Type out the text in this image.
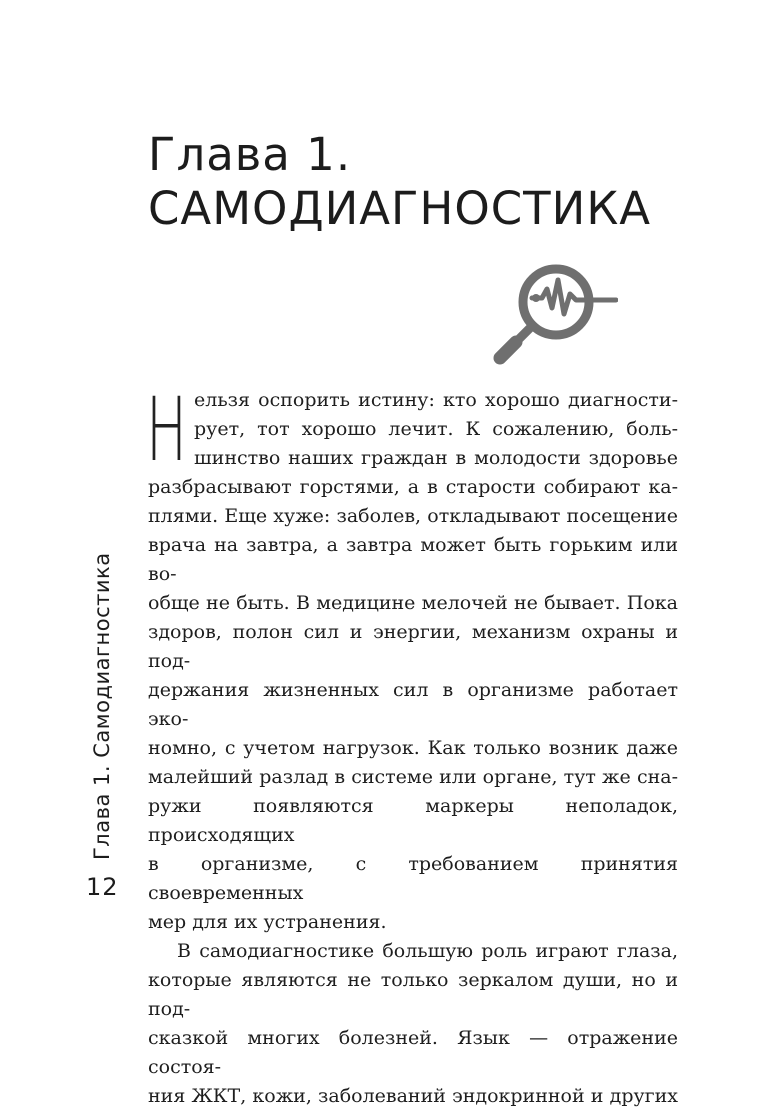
Глава 1.
САМОДИАГНОСТИКА
Н ельзя оспорить истину: кто хорошо диагности-

рует, тот хорошо лечит. К сожалению, боль-

шинство наших граждан в молодости здоровье

разбрасывают горстями, а в старости собирают ка-

плями. Еще хуже: заболев, откладывают посещение

врача на завтра, а завтра может быть горьким или во-

обще не быть. В медицине мелочей не бывает. Пока

здоров, полон сил и энергии, механизм охраны и под-

держания жизненных сил в организме работает эко-

номно, с учетом нагрузок. Как только возник даже

малейший разлад в системе или органе, тут же сна-

ружи появляются маркеры неполадок, происходящих

в организме, с требованием принятия своевременных

мер для их устранения.

В самодиагностике большую роль играют глаза,

которые являются не только зеркалом души, но и под-

сказкой многих болезней. Язык — отражение состоя-

ния ЖКТ, кожи, заболеваний эндокринной и других

Глава 1. Самодиагностика
12
